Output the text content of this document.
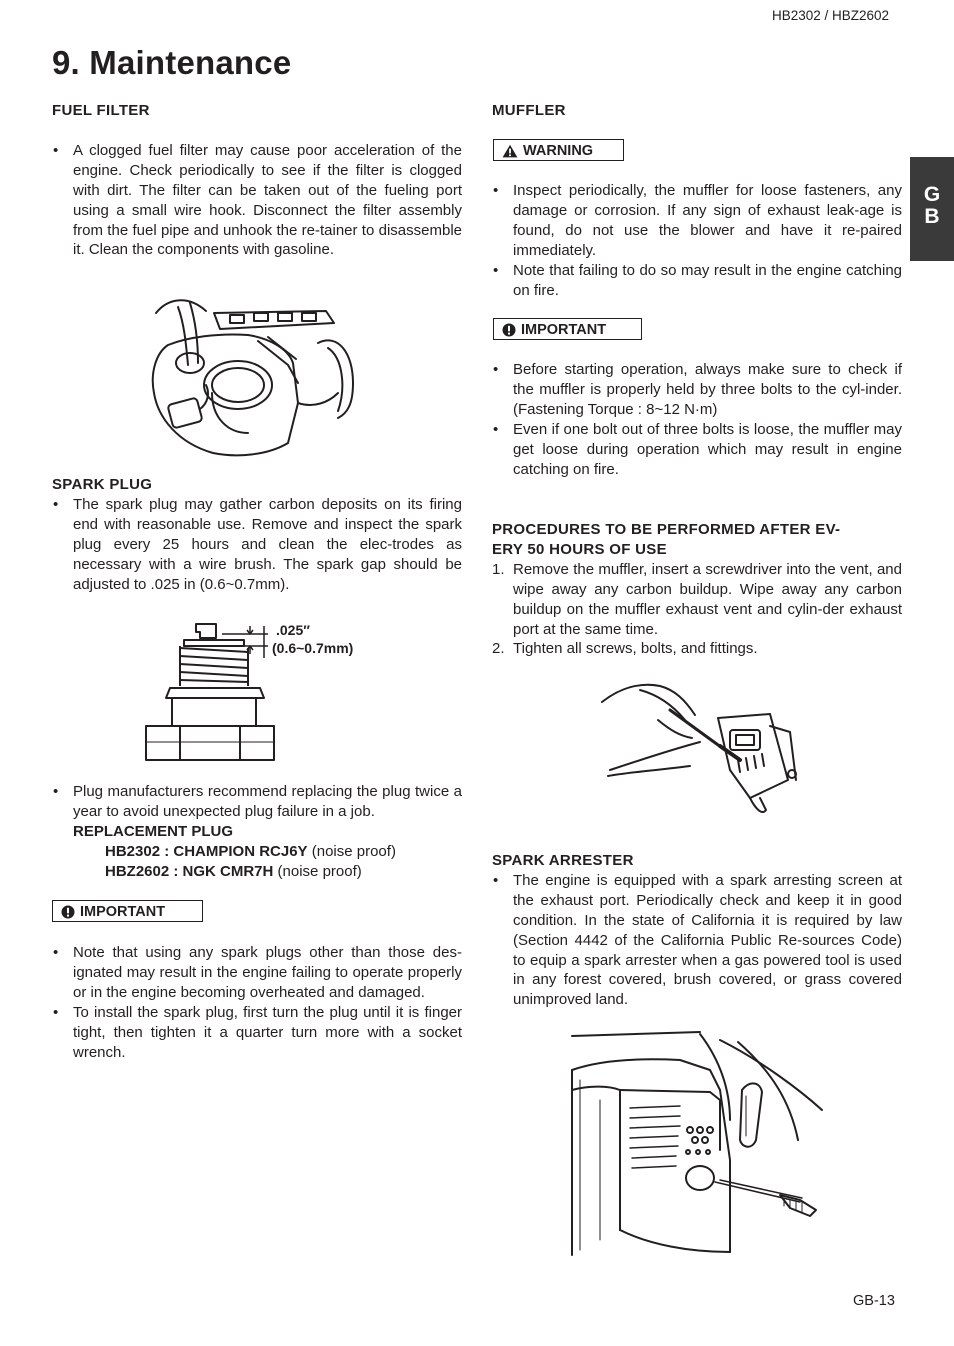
HB2302 / HBZ2602
9. Maintenance
G
B
FUEL FILTER
• A clogged fuel filter may cause poor acceleration of the engine. Check periodically to see if the filter is clogged with dirt. The filter can be taken out of the fueling port using a small wire hook. Disconnect the filter assembly from the fuel pipe and unhook the re-tainer to disassemble it. Clean the components with gasoline.
SPARK PLUG
• The spark plug may gather carbon deposits on its firing end with reasonable use. Remove and inspect the spark plug every 25 hours and clean the elec-trodes as necessary with a wire brush. The spark gap should be adjusted to .025 in (0.6~0.7mm).
.025″
(0.6~0.7mm)
• Plug manufacturers recommend replacing the plug twice a year to avoid unexpected plug failure in a job.
REPLACEMENT PLUG
HB2302 : CHAMPION RCJ6Y (noise proof)
HBZ2602 : NGK CMR7H (noise proof)
IMPORTANT
• Note that using any spark plugs other than those des-ignated may result in the engine failing to operate properly or in the engine becoming overheated and damaged.
• To install the spark plug, first turn the plug until it is finger tight, then tighten it a quarter turn more with a socket wrench.
MUFFLER
WARNING
• Inspect periodically, the muffler for loose fasteners, any damage or corrosion. If any sign of exhaust leak-age is found, do not use the blower and have it re-paired immediately.
• Note that failing to do so may result in the engine catching on fire.
IMPORTANT
• Before starting operation, always make sure to check if the muffler is properly held by three bolts to the cyl-inder. (Fastening Torque : 8~12 N·m)
• Even if one bolt out of three bolts is loose, the muffler may get loose during operation which may result in engine catching on fire.
PROCEDURES TO BE PERFORMED AFTER EV-
ERY 50 HOURS OF USE
1. Remove the muffler, insert a screwdriver into the vent, and wipe away any carbon buildup. Wipe away any carbon buildup on the muffler exhaust vent and cylin-der exhaust port at the same time.
2. Tighten all screws, bolts, and fittings.
SPARK ARRESTER
• The engine is equipped with a spark arresting screen at the exhaust port. Periodically check and keep it in good condition. In the state of California it is required by law (Section 4442 of the California Public Re-sources Code) to equip a spark arrester when a gas powered tool is used in any forest covered, brush covered, or grass covered unimproved land.
GB-13
